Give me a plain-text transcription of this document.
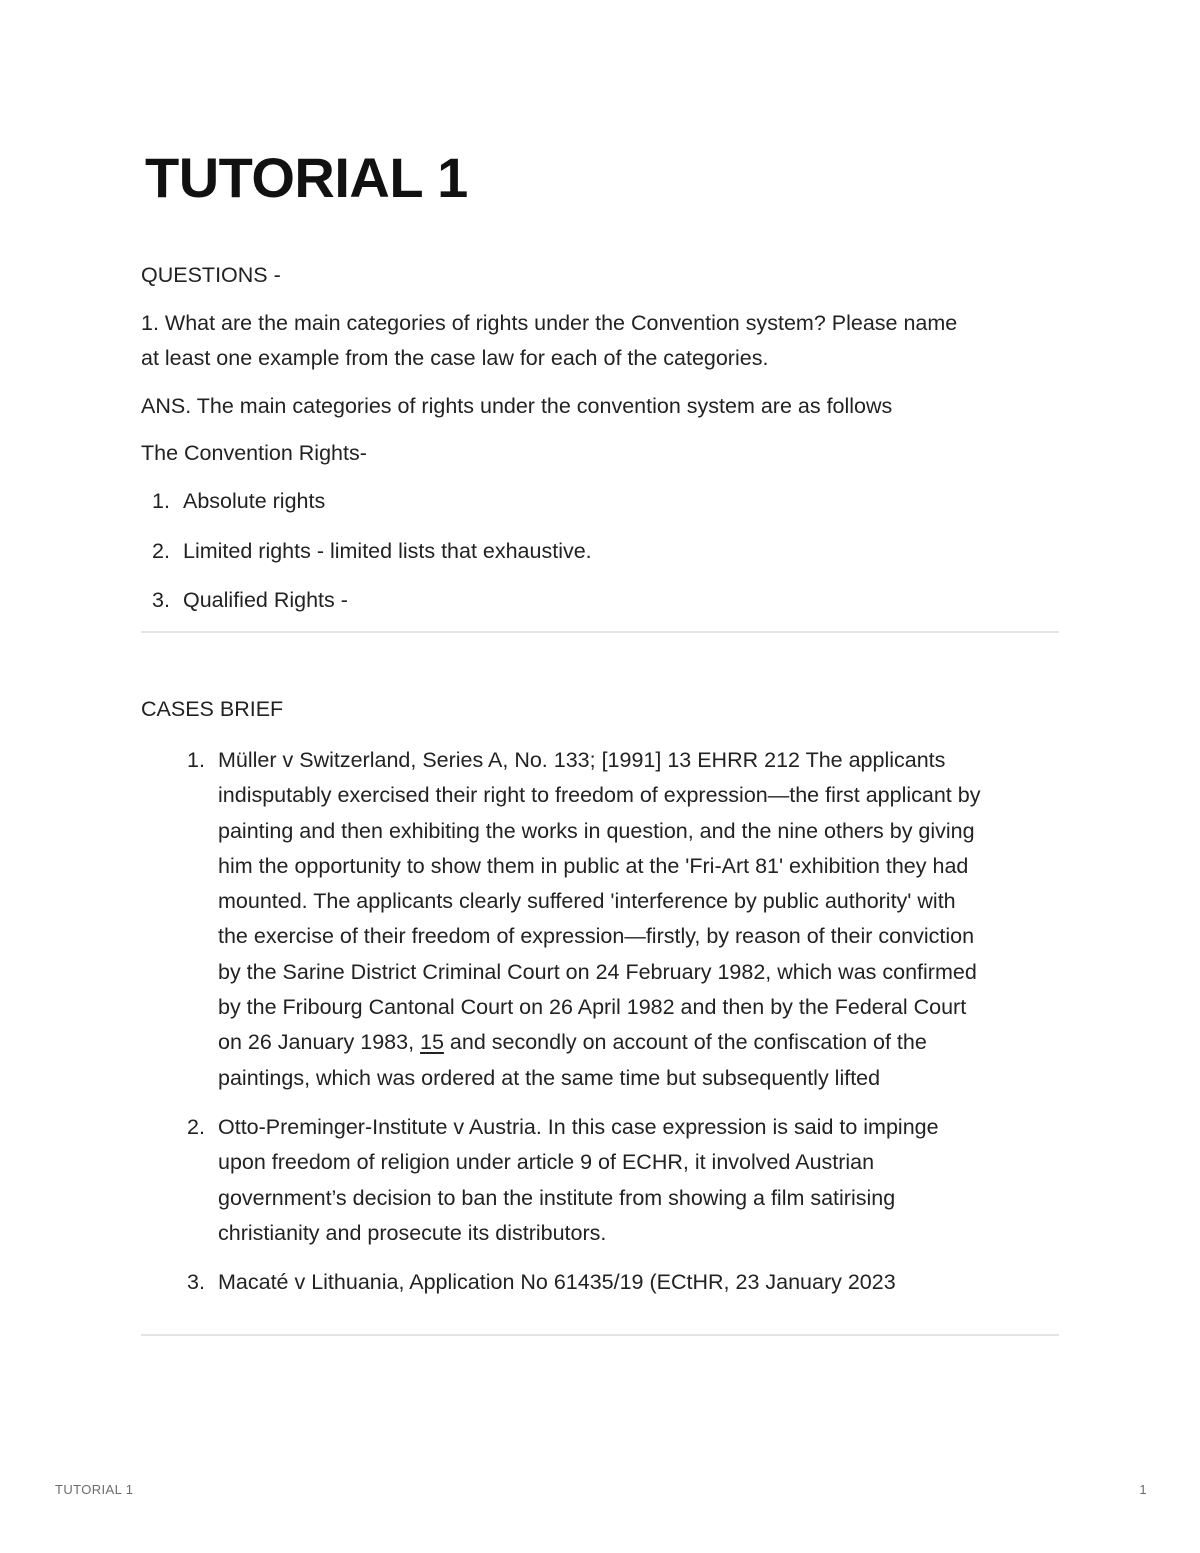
TUTORIAL 1

QUESTIONS -

1. What are the main categories of rights under the Convention system? Please name
at least one example from the case law for each of the categories.

ANS. The main categories of rights under the convention system are as follows

The Convention Rights-

1. Absolute rights
2. Limited rights - limited lists that exhaustive.
3. Qualified Rights -

CASES BRIEF

1. Müller v Switzerland, Series A, No. 133; [1991] 13 EHRR 212 The applicants
indisputably exercised their right to freedom of expression—the first applicant by
painting and then exhibiting the works in question, and the nine others by giving
him the opportunity to show them in public at the 'Fri-Art 81' exhibition they had
mounted. The applicants clearly suffered 'interference by public authority' with
the exercise of their freedom of expression—firstly, by reason of their conviction
by the Sarine District Criminal Court on 24 February 1982, which was confirmed
by the Fribourg Cantonal Court on 26 April 1982 and then by the Federal Court
on 26 January 1983, 15 and secondly on account of the confiscation of the
paintings, which was ordered at the same time but subsequently lifted
2. Otto-Preminger-Institute v Austria. In this case expression is said to impinge
upon freedom of religion under article 9 of ECHR, it involved Austrian
government’s decision to ban the institute from showing a film satirising
christianity and prosecute its distributors.
3. Macaté v Lithuania, Application No 61435/19 (ECtHR, 23 January 2023
TUTORIAL 1	1
